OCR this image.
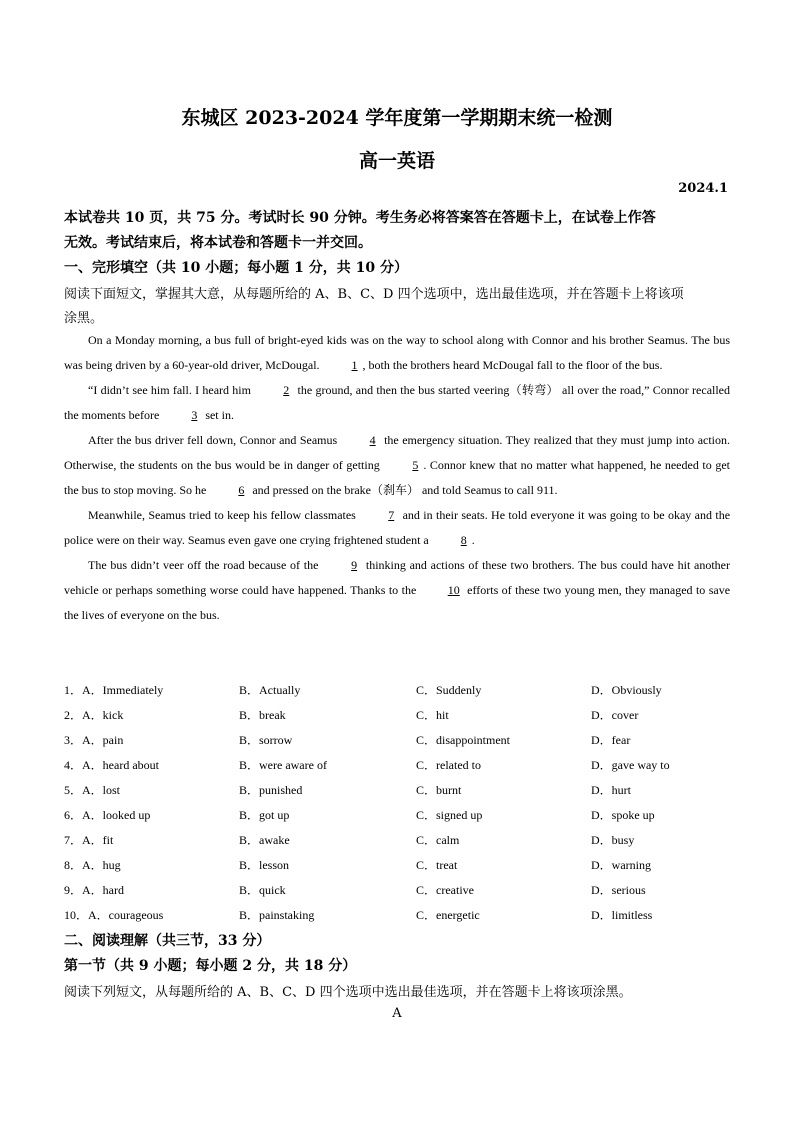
东城区 2023-2024 学年度第一学期期末统一检测
高一英语
2024.1
本试卷共 10 页，共 75 分。考试时长 90 分钟。考生务必将答案答在答题卡上，在试卷上作答
无效。考试结束后，将本试卷和答题卡一并交回。
一、完形填空（共 10 小题；每小题 1 分，共 10 分）
阅读下面短文，掌握其大意，从每题所给的 A、B、C、D 四个选项中，选出最佳选项，并在答题卡上将该项
涂黑。

On a Monday morning, a bus full of bright-eyed kids was on the way to school along with Connor and his brother Seamus. The bus was being driven by a 60-year-old driver, McDougal.	1 , both the brothers heard McDougal fall to the floor of the bus.

“I didn’t see him fall. I heard him	2 the ground, and then the bus started veering（转弯） all over the road,” Connor recalled the moments before	3 set in.

After the bus driver fell down, Connor and Seamus	4 the emergency situation. They realized that they must jump into action. Otherwise, the students on the bus would be in danger of getting	5 . Connor knew that no matter what happened, he needed to get the bus to stop moving. So he	6 and pressed on the brake（刹车） and told Seamus to call 911.

Meanwhile, Seamus tried to keep his fellow classmates	7 and in their seats. He told everyone it was going to be okay and the police were on their way. Seamus even gave one crying frightened student a	8 .

The bus didn’t veer off the road because of the	9 thinking and actions of these two brothers. The bus could have hit another vehicle or perhaps something worse could have happened. Thanks to the	10 efforts of these two young men, they managed to save the lives of everyone on the bus.

1．A．Immediately	B．Actually	C．Suddenly	D．Obviously
2．A．kick	B．break	C．hit	D．cover
3．A．pain	B．sorrow	C．disappointment	D．fear
4．A．heard about	B．were aware of	C．related to	D．gave way to
5．A．lost	B．punished	C．burnt	D．hurt
6．A．looked up	B．got up	C．signed up	D．spoke up
7．A．fit	B．awake	C．calm	D．busy
8．A．hug	B．lesson	C．treat	D．warning
9．A．hard	B．quick	C．creative	D．serious
10．A．courageous	B．painstaking	C．energetic	D．limitless
二、阅读理解（共三节，33 分）
第一节（共 9 小题；每小题 2 分，共 18 分）
阅读下列短文，从每题所给的 A、B、C、D 四个选项中选出最佳选项，并在答题卡上将该项涂黑。
A
